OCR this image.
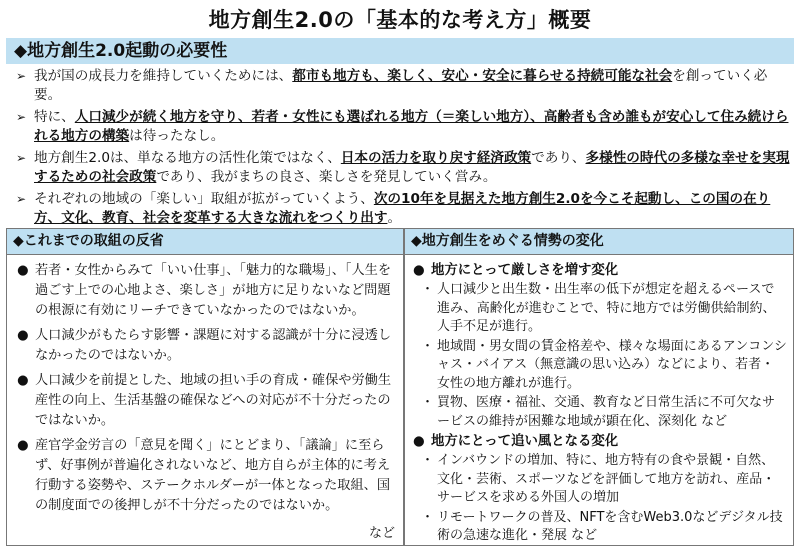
地方創生2.0の「基本的な考え方」概要
◆地方創生2.0起動の必要性
➢ 我が国の成長力を維持していくためには、都市も地方も、楽しく、安心・安全に暮らせる持続可能な社会を創っていく必要。
➢ 特に、人口減少が続く地方を守り、若者・女性にも選ばれる地方（＝楽しい地方）、高齢者も含め誰もが安心して住み続けられる地方の構築は待ったなし。
➢ 地方創生2.0は、単なる地方の活性化策ではなく、日本の活力を取り戻す経済政策であり、多様性の時代の多様な幸せを実現するための社会政策であり、我がまちの良さ、楽しさを発見していく営み。
➢ それぞれの地域の「楽しい」取組が拡がっていくよう、次の10年を見据えた地方創生2.0を今こそ起動し、この国の在り方、文化、教育、社会を変革する大きな流れをつくり出す。
◆これまでの取組の反省
● 若者・女性からみて「いい仕事」、「魅力的な職場」、「人生を過ごす上での心地よさ、楽しさ」が地方に足りないなど問題の根源に有効にリーチできていなかったのではないか。
● 人口減少がもたらす影響・課題に対する認識が十分に浸透しなかったのではないか。
● 人口減少を前提とした、地域の担い手の育成・確保や労働生産性の向上、生活基盤の確保などへの対応が不十分だったのではないか。
● 産官学金労言の「意見を聞く」にとどまり、「議論」に至らず、好事例が普遍化されないなど、地方自らが主体的に考え行動する姿勢や、ステークホルダーが一体となった取組、国の制度面での後押しが不十分だったのではないか。
など
◆地方創生をめぐる情勢の変化
● 地方にとって厳しさを増す変化
・ 人口減少と出生数・出生率の低下が想定を超えるペースで進み、高齢化が進むことで、特に地方では労働供給制約、人手不足が進行。
・ 地域間・男女間の賃金格差や、様々な場面にあるアンコンシャス・バイアス（無意識の思い込み）などにより、若者・女性の地方離れが進行。
・ 買物、医療・福祉、交通、教育など日常生活に不可欠なサービスの維持が困難な地域が顕在化、深刻化 など
● 地方にとって追い風となる変化
・ インバウンドの増加、特に、地方特有の食や景観・自然、文化・芸術、スポーツなどを評価して地方を訪れ、産品・サービスを求める外国人の増加
・ リモートワークの普及、NFTを含むWeb3.0などデジタル技術の急速な進化・発展 など
